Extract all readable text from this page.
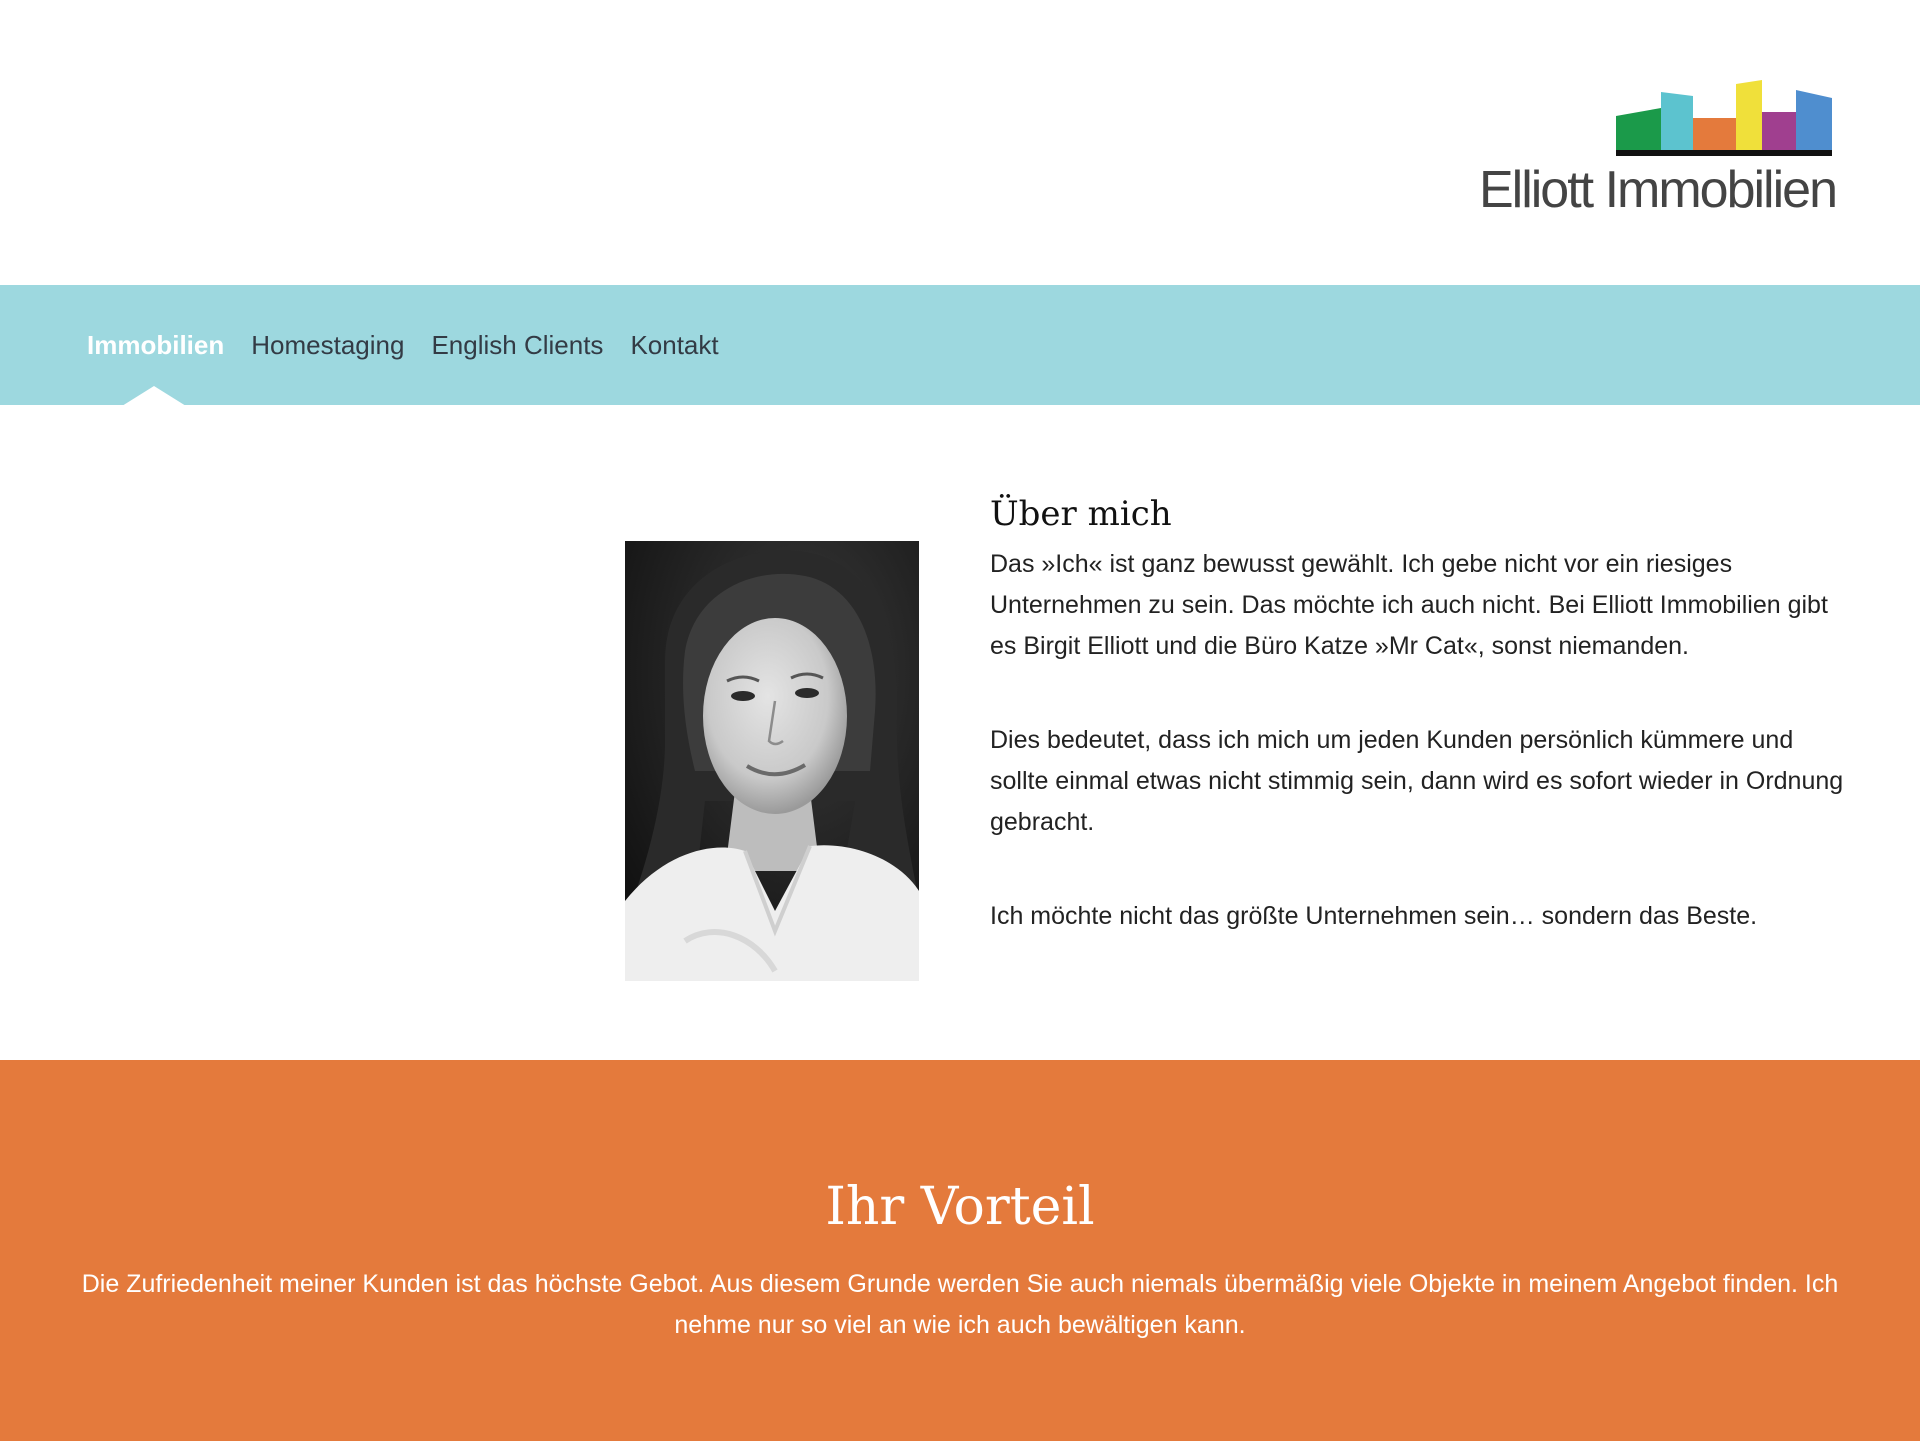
Elliott Immobilien
Immobilien Homestaging English Clients Kontakt
Über mich

Das »Ich« ist ganz bewusst gewählt. Ich gebe nicht vor ein riesiges Unternehmen zu sein. Das möchte ich auch nicht. Bei Elliott Immobilien gibt es Birgit Elliott und die Büro Katze »Mr Cat«, sonst niemanden.

Dies bedeutet, dass ich mich um jeden Kunden persönlich kümmere und sollte einmal etwas nicht stimmig sein, dann wird es sofort wieder in Ordnung gebracht.

Ich möchte nicht das größte Unternehmen sein… sondern das Beste.

Ihr Vorteil

Die Zufriedenheit meiner Kunden ist das höchste Gebot. Aus diesem Grunde werden Sie auch niemals übermäßig viele Objekte in meinem Angebot finden. Ich nehme nur so viel an wie ich auch bewältigen kann.
